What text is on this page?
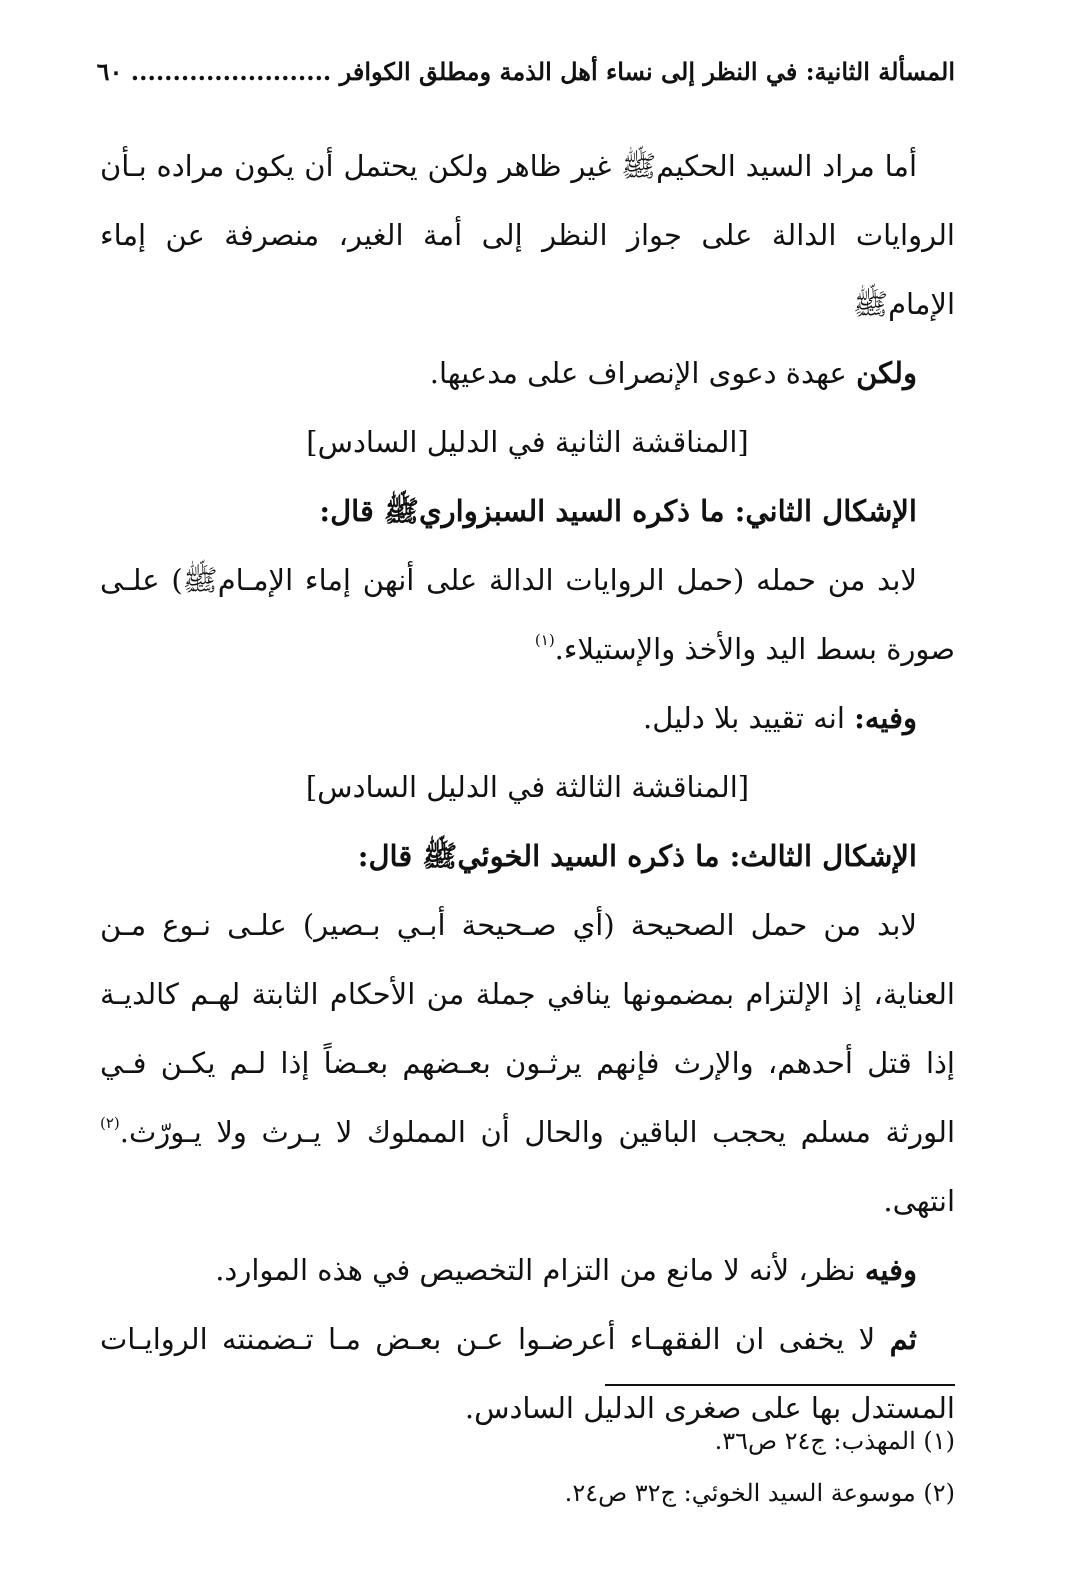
المسألة الثانية: في النظر إلى نساء أهل الذمة ومطلق الكوافر ........................ ٦٠

أما مراد السيد الحكيمﷺ غير ظاهر ولكن يحتمل أن يكون مراده بـأن الروايات الدالة على جواز النظر إلى أمة الغير، منصرفة عن إماء الإمامﷺ

ولكن عهدة دعوى الإنصراف على مدعيها.

[المناقشة الثانية في الدليل السادس]

الإشكال الثاني: ما ذكره السيد السبزواريﷺ قال:

لابد من حمله (حمل الروايات الدالة على أنهن إماء الإمـامﷺ) علـى صورة بسط اليد والأخذ والإستيلاء.$^{(١)}$

وفيه: انه تقييد بلا دليل.

[المناقشة الثالثة في الدليل السادس]

الإشكال الثالث: ما ذكره السيد الخوئيﷺ قال:

لابد من حمل الصحيحة (أي صـحيحة أبـي بـصير) علـى نـوع مـن العناية، إذ الإلتزام بمضمونها ينافي جملة من الأحكام الثابتة لهـم كالديـة إذا قتل أحدهم، والإرث فإنهم يرثـون بعـضهم بعـضاً إذا لـم يكـن فـي الورثة مسلم يحجب الباقين والحال أن المملوك لا يـرث ولا يـورّث.$^{(٢)}$ انتهى.

وفيه نظر، لأنه لا مانع من التزام التخصيص في هذه الموارد.

ثم لا يخفى ان الفقهـاء أعرضـوا عـن بعـض مـا تـضمنته الروايـات المستدل بها على صغرى الدليل السادس.

(١) المهذب: ج٢٤ ص٣٦.

(٢) موسوعة السيد الخوئي: ج٣٢ ص٢٤.
